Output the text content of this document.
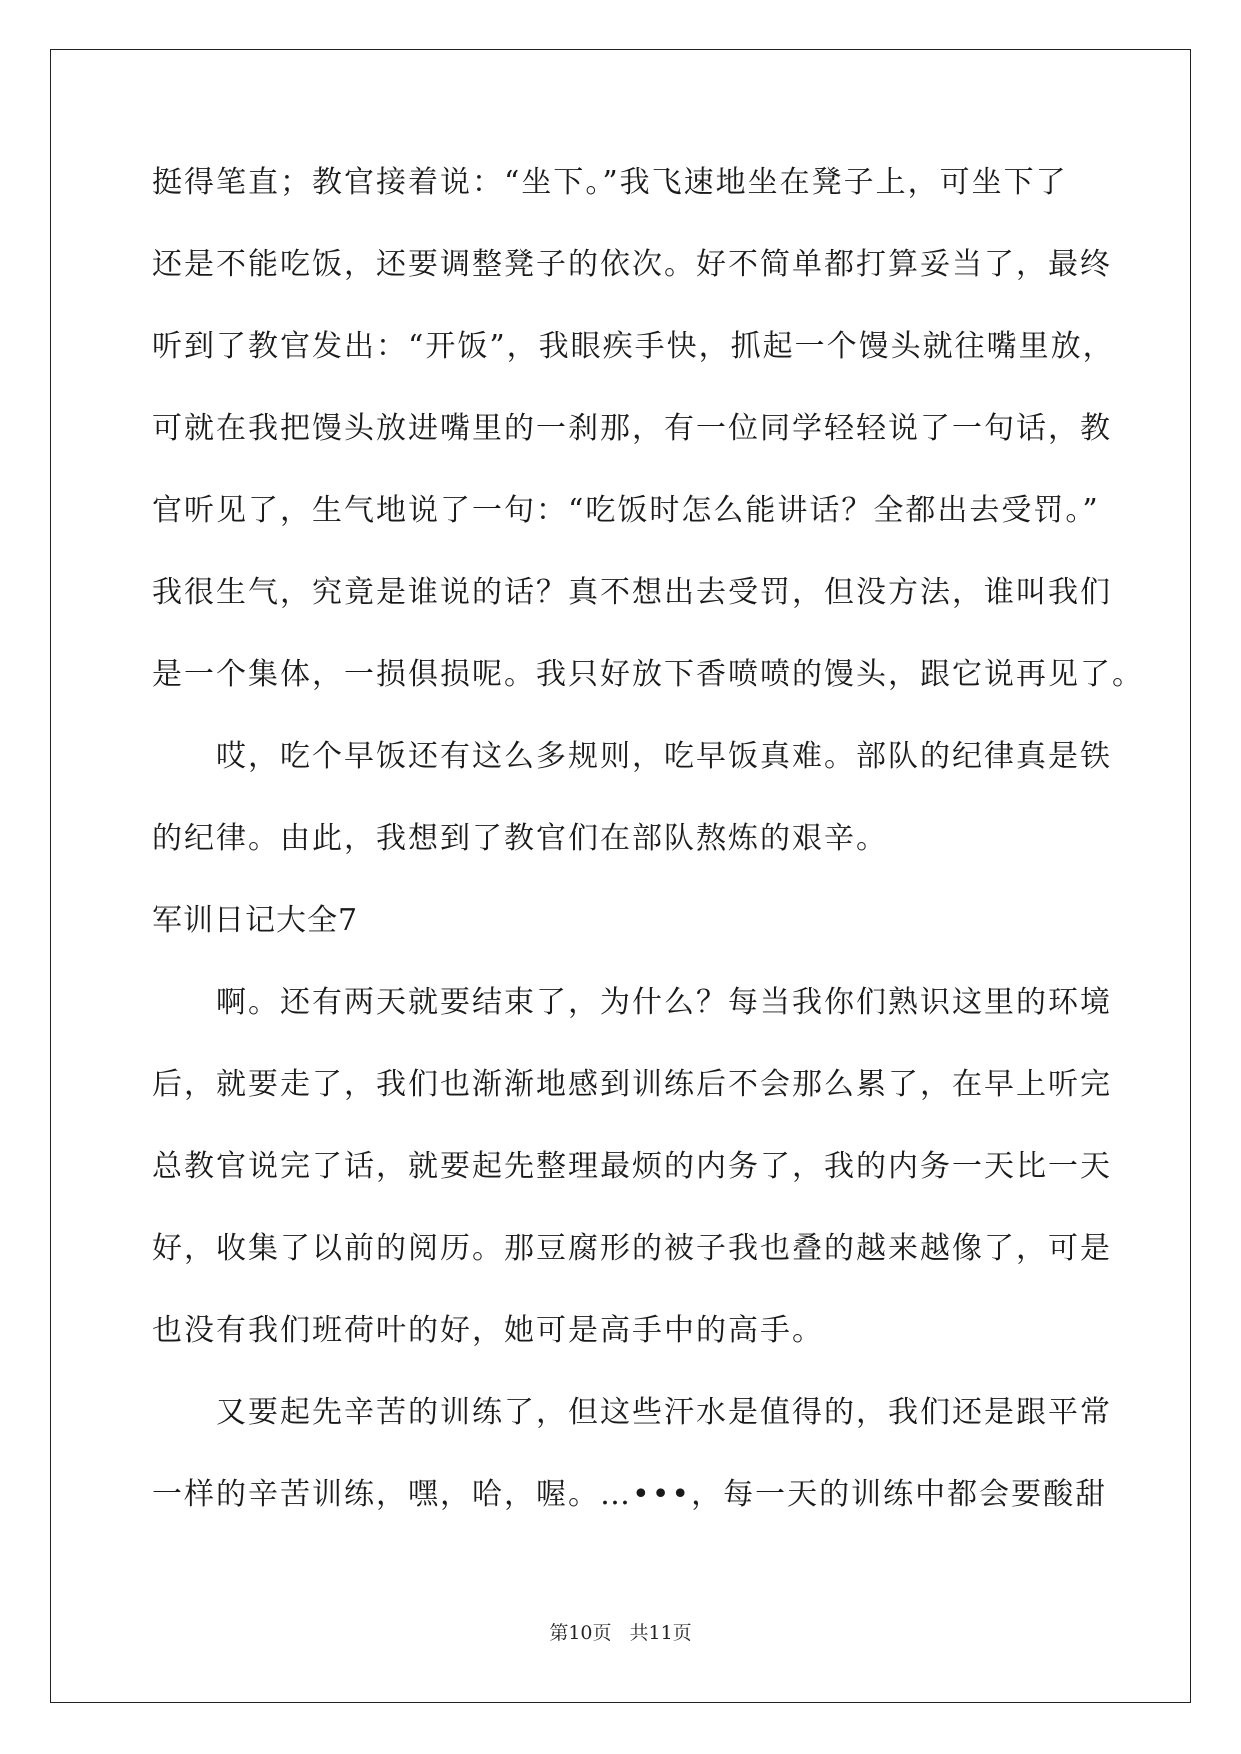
挺得笔直；教官接着说：“坐下。”我飞速地坐在凳子上，可坐下了
还是不能吃饭，还要调整凳子的依次。好不简单都打算妥当了，最终
听到了教官发出：“开饭”，我眼疾手快，抓起一个馒头就往嘴里放，
可就在我把馒头放进嘴里的一刹那，有一位同学轻轻说了一句话，教
官听见了，生气地说了一句：“吃饭时怎么能讲话？全都出去受罚。”
我很生气，究竟是谁说的话？真不想出去受罚，但没方法，谁叫我们
是一个集体，一损俱损呢。我只好放下香喷喷的馒头，跟它说再见了。
哎，吃个早饭还有这么多规则，吃早饭真难。部队的纪律真是铁
的纪律。由此，我想到了教官们在部队熬炼的艰辛。
军训日记大全7
啊。还有两天就要结束了，为什么？每当我你们熟识这里的环境
后，就要走了，我们也渐渐地感到训练后不会那么累了，在早上听完
总教官说完了话，就要起先整理最烦的内务了，我的内务一天比一天
好，收集了以前的阅历。那豆腐形的被子我也叠的越来越像了，可是
也没有我们班荷叶的好，她可是高手中的高手。
又要起先辛苦的训练了，但这些汗水是值得的，我们还是跟平常
一样的辛苦训练，嘿，哈，喔。…•••，每一天的训练中都会要酸甜
第10页 共11页
